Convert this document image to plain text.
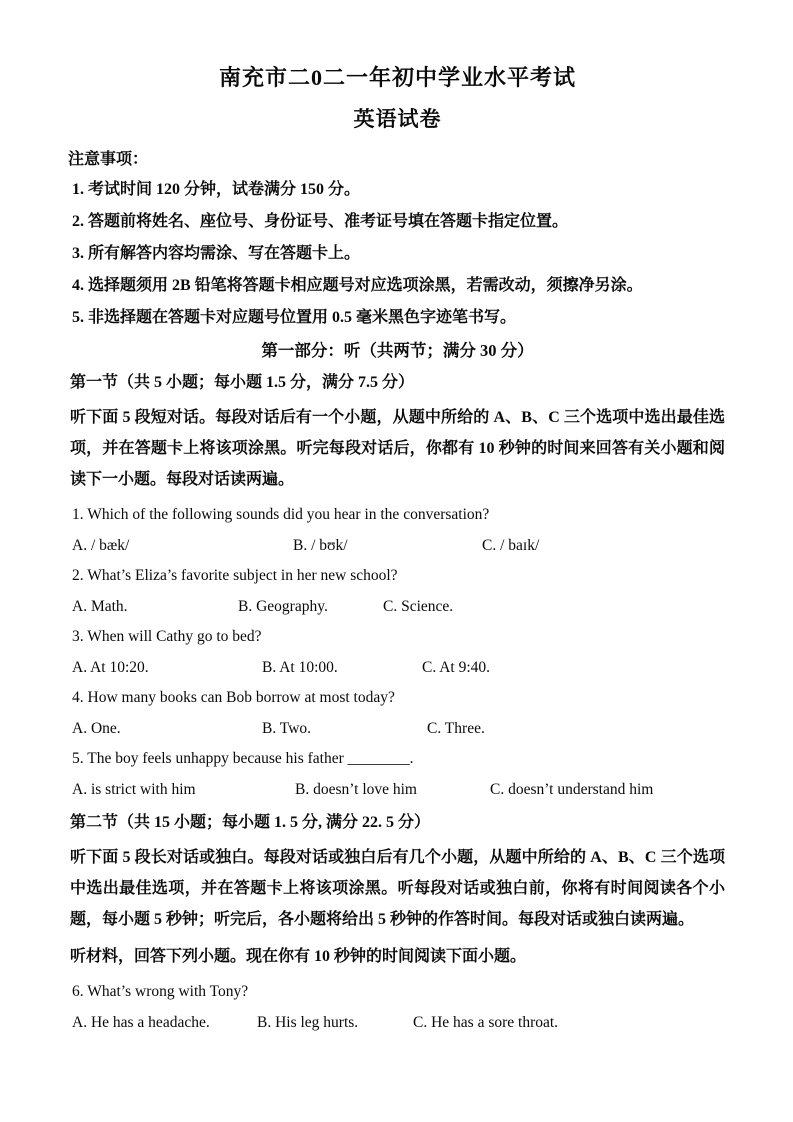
南充市二0二一年初中学业水平考试
英语试卷
注意事项：
1. 考试时间 120 分钟，试卷满分 150 分。
2. 答题前将姓名、座位号、身份证号、准考证号填在答题卡指定位置。
3. 所有解答内容均需涂、写在答题卡上。
4. 选择题须用 2B 铅笔将答题卡相应题号对应选项涂黑，若需改动，须擦净另涂。
5. 非选择题在答题卡对应题号位置用 0.5 毫米黑色字迹笔书写。
第一部分：听（共两节；满分 30 分）
第一节（共 5 小题；每小题 1.5 分，满分 7.5 分）
听下面 5 段短对话。每段对话后有一个小题，从题中所给的 A、B、C 三个选项中选出最佳选项，并在答题卡上将该项涂黑。听完每段对话后，你都有 10 秒钟的时间来回答有关小题和阅读下一小题。每段对话读两遍。
1. Which of the following sounds did you hear in the conversation?
A. / bæk/	B. / bʊk/	C. / baɪk/
2. What’s Eliza’s favorite subject in her new school?
A. Math.	B. Geography.	C. Science.
3. When will Cathy go to bed?
A. At 10:20.	B. At 10:00.	C. At 9:40.
4. How many books can Bob borrow at most today?
A. One.	B. Two.	C. Three.
5. The boy feels unhappy because his father ________.
A. is strict with him	B. doesn’t love him	C. doesn’t understand him
第二节（共 15 小题；每小题 1. 5 分, 满分 22. 5 分）
听下面 5 段长对话或独白。每段对话或独白后有几个小题，从题中所给的 A、B、C 三个选项中选出最佳选项，并在答题卡上将该项涂黑。听每段对话或独白前，你将有时间阅读各个小题，每小题 5 秒钟；听完后，各小题将给出 5 秒钟的作答时间。每段对话或独白读两遍。
听材料，回答下列小题。现在你有 10 秒钟的时间阅读下面小题。
6. What’s wrong with Tony?
A. He has a headache.	B. His leg hurts.	C. He has a sore throat.
